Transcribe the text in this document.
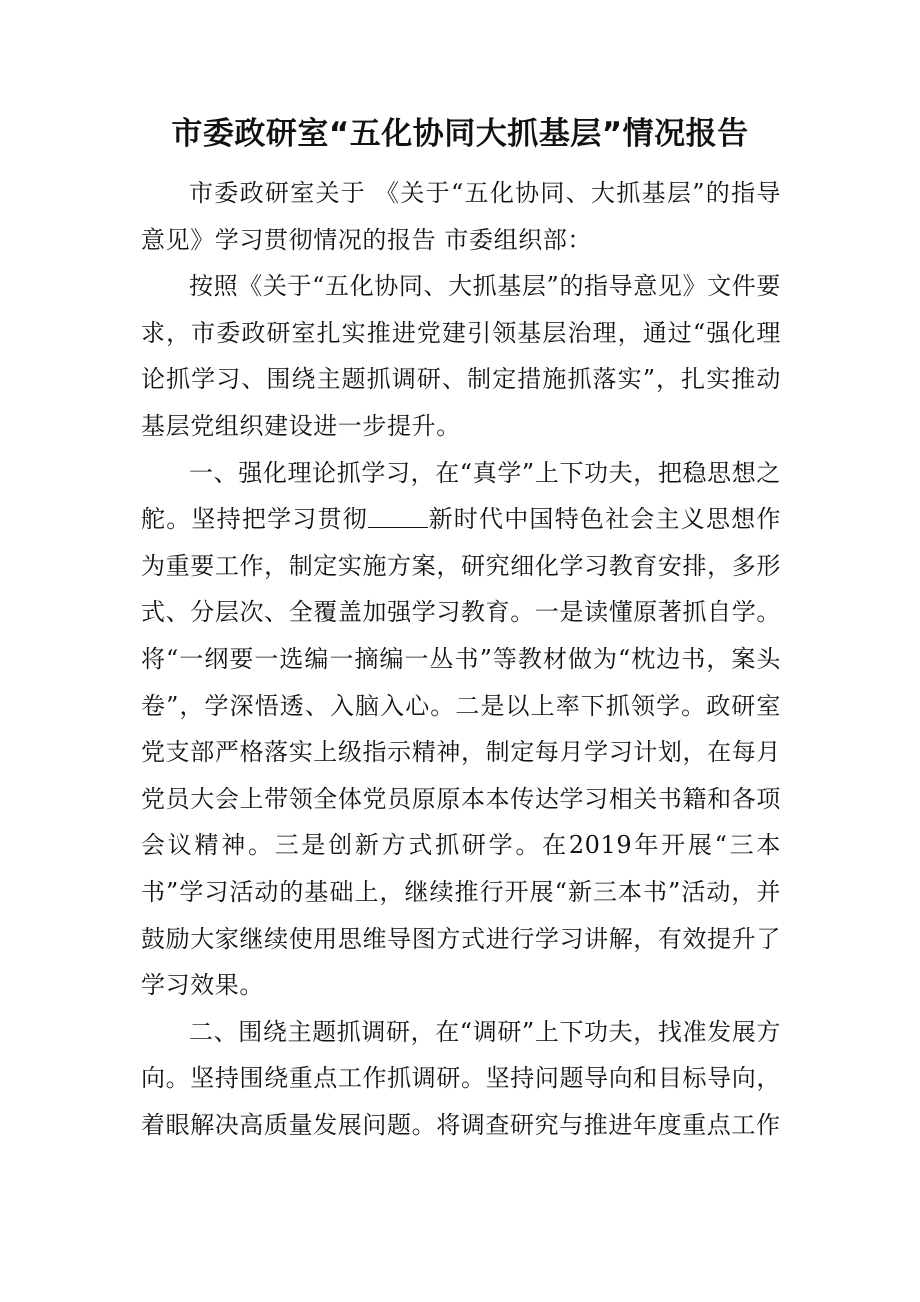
市委政研室“五化协同大抓基层”情况报告

市委政研室关于 《关于“五化协同、大抓基层”的指导意见》学习贯彻情况的报告 市委组织部：

按照《关于“五化协同、大抓基层”的指导意见》文件要求，市委政研室扎实推进党建引领基层治理，通过“强化理论抓学习、围绕主题抓调研、制定措施抓落实”，扎实推动基层党组织建设进一步提升。

一、强化理论抓学习，在“真学”上下功夫，把稳思想之舵。坚持把学习贯彻	新时代中国特色社会主义思想作为重要工作，制定实施方案，研究细化学习教育安排，多形式、分层次、全覆盖加强学习教育。一是读懂原著抓自学。将“一纲要一选编一摘编一丛书”等教材做为“枕边书，案头卷”，学深悟透、入脑入心。二是以上率下抓领学。政研室党支部严格落实上级指示精神，制定每月学习计划，在每月党员大会上带领全体党员原原本本传达学习相关书籍和各项会议精神。三是创新方式抓研学。在2019年开展“三本书”学习活动的基础上，继续推行开展“新三本书”活动，并鼓励大家继续使用思维导图方式进行学习讲解，有效提升了学习效果。

二、围绕主题抓调研，在“调研”上下功夫，找准发展方向。坚持围绕重点工作抓调研。坚持问题导向和目标导向，着眼解决高质量发展问题。将调查研究与推进年度重点工作
